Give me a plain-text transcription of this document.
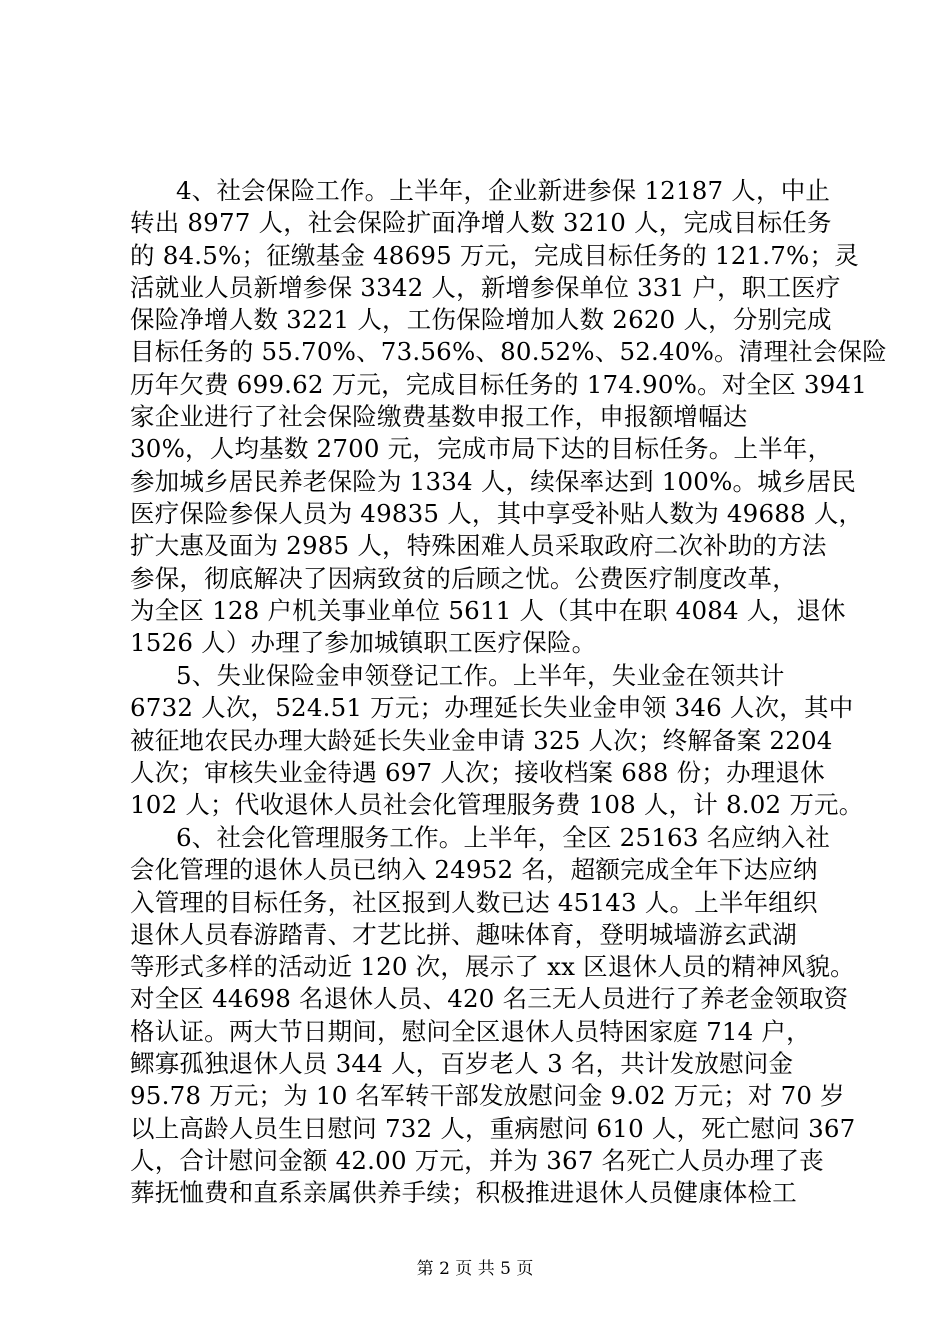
4、社会保险工作。上半年，企业新进参保 12187 人，中止
转出 8977 人，社会保险扩面净增人数 3210 人，完成目标任务
的 84.5%；征缴基金 48695 万元，完成目标任务的 121.7%；灵
活就业人员新增参保 3342 人，新增参保单位 331 户，职工医疗
保险净增人数 3221 人，工伤保险增加人数 2620 人，分别完成
目标任务的 55.70%、73.56%、80.52%、52.40%。清理社会保险
历年欠费 699.62 万元，完成目标任务的 174.90%。对全区 3941
家企业进行了社会保险缴费基数申报工作，申报额增幅达
30%，人均基数 2700 元，完成市局下达的目标任务。上半年，
参加城乡居民养老保险为 1334 人，续保率达到 100%。城乡居民
医疗保险参保人员为 49835 人，其中享受补贴人数为 49688 人，
扩大惠及面为 2985 人，特殊困难人员采取政府二次补助的方法
参保，彻底解决了因病致贫的后顾之忧。公费医疗制度改革，
为全区 128 户机关事业单位 5611 人（其中在职 4084 人，退休
1526 人）办理了参加城镇职工医疗保险。

5、失业保险金申领登记工作。上半年，失业金在领共计
6732 人次，524.51 万元；办理延长失业金申领 346 人次，其中
被征地农民办理大龄延长失业金申请 325 人次；终解备案 2204
人次；审核失业金待遇 697 人次；接收档案 688 份；办理退休
102 人；代收退休人员社会化管理服务费 108 人，计 8.02 万元。

6、社会化管理服务工作。上半年，全区 25163 名应纳入社
会化管理的退休人员已纳入 24952 名，超额完成全年下达应纳
入管理的目标任务，社区报到人数已达 45143 人。上半年组织
退休人员春游踏青、才艺比拼、趣味体育，登明城墙游玄武湖
等形式多样的活动近 120 次，展示了 xx 区退休人员的精神风貌。
对全区 44698 名退休人员、420 名三无人员进行了养老金领取资
格认证。两大节日期间，慰问全区退休人员特困家庭 714 户，
鳏寡孤独退休人员 344 人，百岁老人 3 名，共计发放慰问金
95.78 万元；为 10 名军转干部发放慰问金 9.02 万元；对 70 岁
以上高龄人员生日慰问 732 人，重病慰问 610 人，死亡慰问 367
人，合计慰问金额 42.00 万元，并为 367 名死亡人员办理了丧
葬抚恤费和直系亲属供养手续；积极推进退休人员健康体检工

第 2 页 共 5 页
